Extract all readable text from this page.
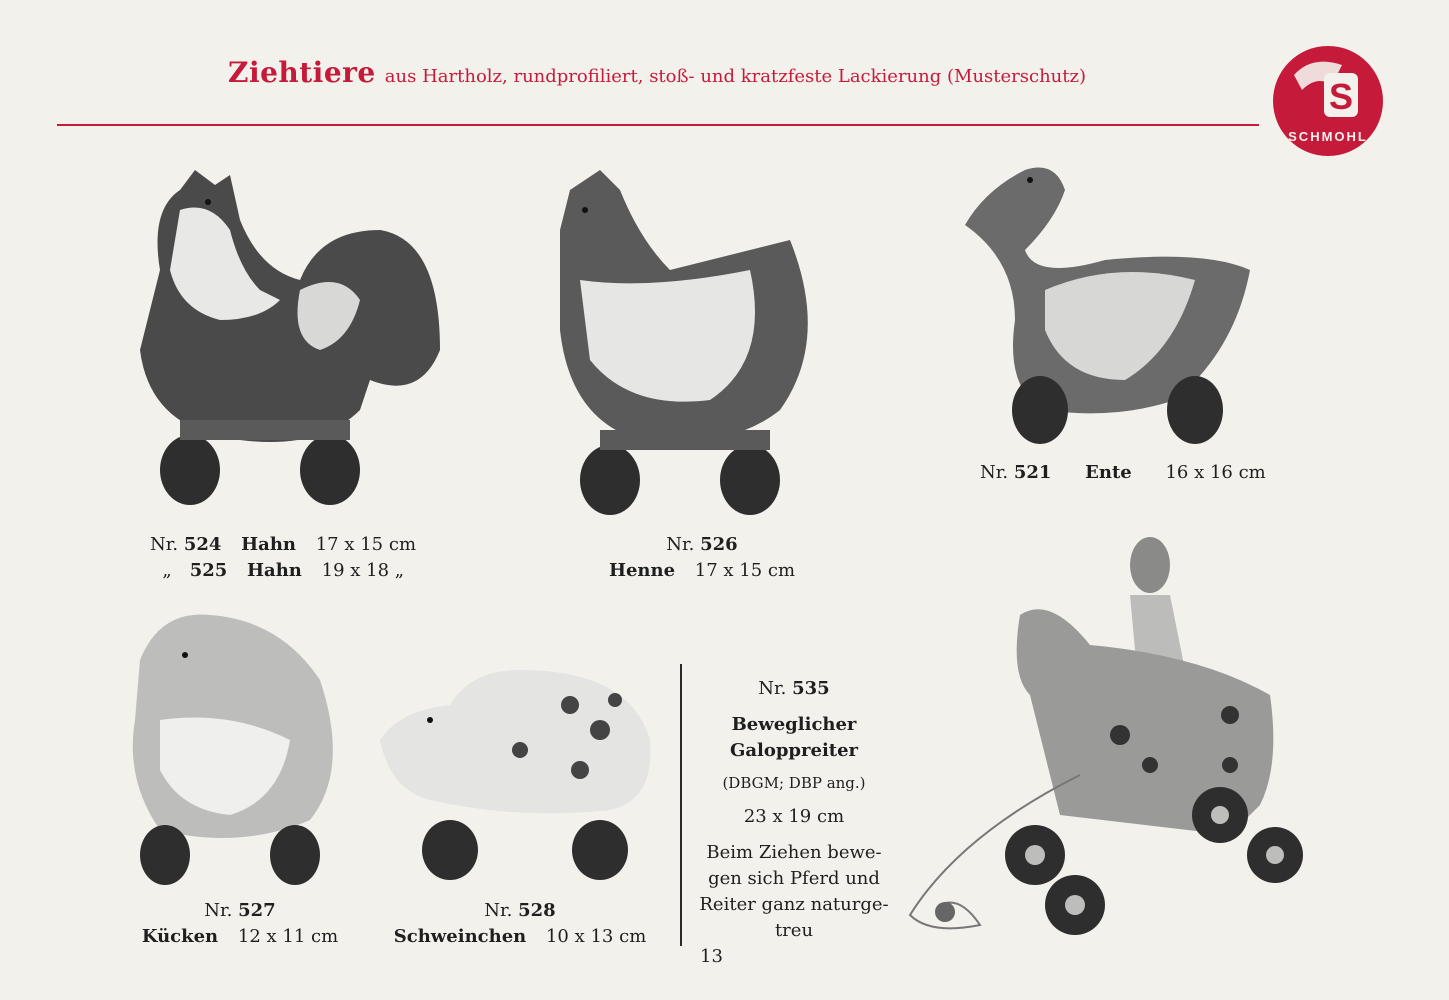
Ziehtiere aus Hartholz, rundprofiliert, stoß- und kratzfeste Lackierung (Musterschutz)	S
SCHMOHL
Nr. 524 Hahn 17 x 15 cm
„ 525 Hahn 19 x 18 „
Nr. 526
Henne 17 x 15 cm
Nr. 521 Ente 16 x 16 cm
Nr. 527
Kücken 12 x 11 cm
Nr. 528
Schweinchen 10 x 13 cm
Nr. 535
Beweglicher
Galoppreiter
(DBGM; DBP ang.)
23 x 19 cm
Beim Ziehen bewe-
gen sich Pferd und
Reiter ganz naturge-
treu
13
